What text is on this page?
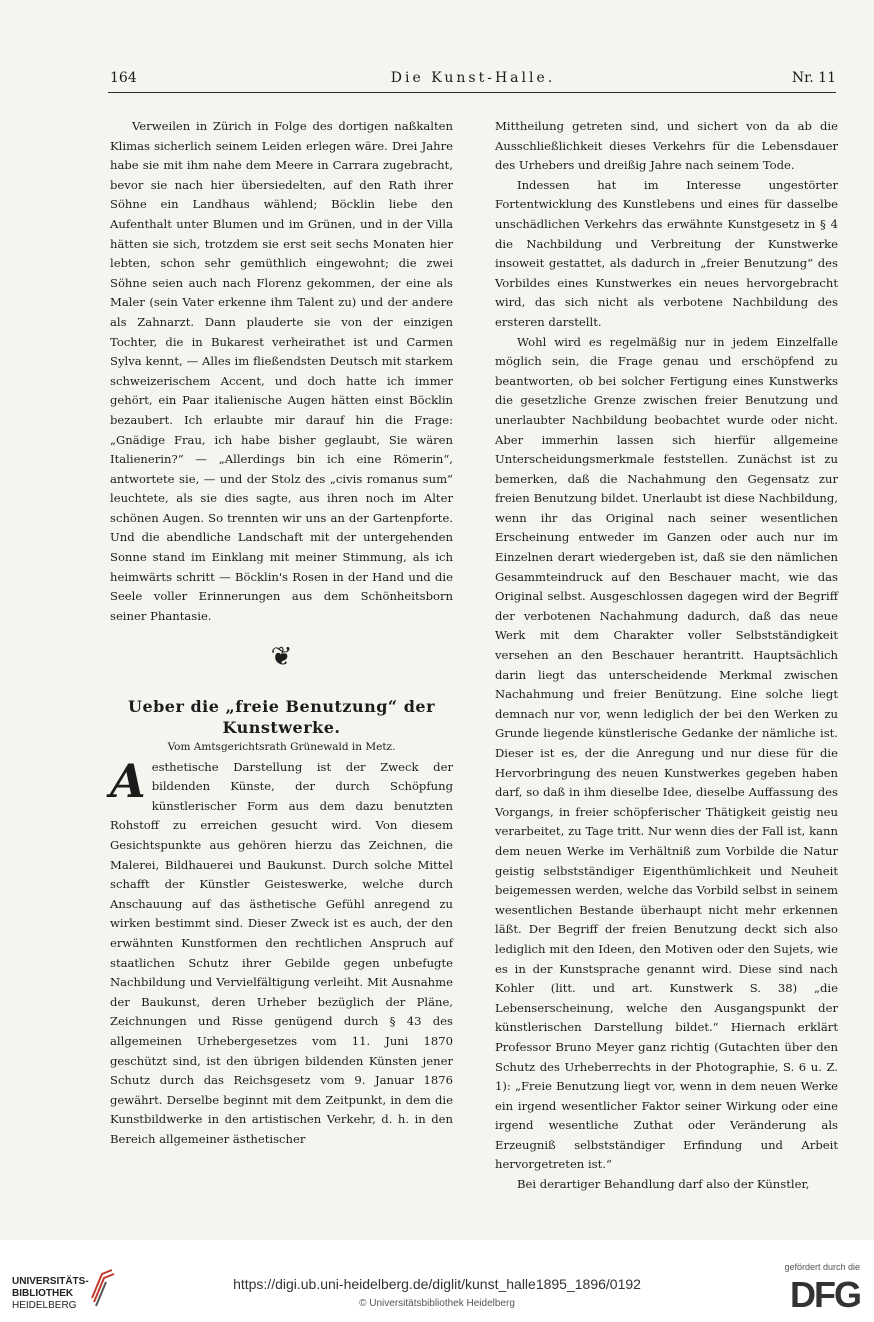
164	Die Kunst-Halle.	Nr. 11

Verweilen in Zürich in Folge des dortigen naßkalten Klimas sicherlich seinem Leiden erlegen wäre. Drei Jahre habe sie mit ihm nahe dem Meere in Carrara zugebracht, bevor sie nach hier übersiedelten, auf den Rath ihrer Söhne ein Landhaus wählend; Böcklin liebe den Aufenthalt unter Blumen und im Grünen, und in der Villa hätten sie sich, trotzdem sie erst seit sechs Monaten hier lebten, schon sehr gemüthlich eingewohnt; die zwei Söhne seien auch nach Florenz gekommen, der eine als Maler (sein Vater erkenne ihm Talent zu) und der andere als Zahnarzt. Dann plauderte sie von der einzigen Tochter, die in Bukarest verheirathet ist und Carmen Sylva kennt, — Alles im fließendsten Deutsch mit starkem schweizerischem Accent, und doch hatte ich immer gehört, ein Paar italienische Augen hätten einst Böcklin bezaubert. Ich erlaubte mir darauf hin die Frage: „Gnädige Frau, ich habe bisher geglaubt, Sie wären Italienerin?“ — „Allerdings bin ich eine Römerin“, antwortete sie, — und der Stolz des „civis romanus sum“ leuchtete, als sie dies sagte, aus ihren noch im Alter schönen Augen. So trennten wir uns an der Gartenpforte. Und die abendliche Landschaft mit der untergehenden Sonne stand im Einklang mit meiner Stimmung, als ich heimwärts schritt — Böcklin's Rosen in der Hand und die Seele voller Erinnerungen aus dem Schönheitsborn seiner Phantasie.

❦

Ueber die „freie Benutzung“ der
Kunstwerke.

Vom Amtsgerichtsrath Grünewald in Metz.

Aesthetische Darstellung ist der Zweck der bildenden Künste, der durch Schöpfung künstlerischer Form aus dem dazu benutzten Rohstoff zu erreichen gesucht wird. Von diesem Gesichtspunkte aus gehören hierzu das Zeichnen, die Malerei, Bildhauerei und Baukunst. Durch solche Mittel schafft der Künstler Geisteswerke, welche durch Anschauung auf das ästhetische Gefühl anregend zu wirken bestimmt sind. Dieser Zweck ist es auch, der den erwähnten Kunstformen den rechtlichen Anspruch auf staatlichen Schutz ihrer Gebilde gegen unbefugte Nachbildung und Vervielfältigung verleiht. Mit Ausnahme der Baukunst, deren Urheber bezüglich der Pläne, Zeichnungen und Risse genügend durch § 43 des allgemeinen Urhebergesetzes vom 11. Juni 1870 geschützt sind, ist den übrigen bildenden Künsten jener Schutz durch das Reichsgesetz vom 9. Januar 1876 gewährt. Derselbe beginnt mit dem Zeitpunkt, in dem die Kunstbildwerke in den artistischen Verkehr, d. h. in den Bereich allgemeiner ästhetischer

Mittheilung getreten sind, und sichert von da ab die Ausschließlichkeit dieses Verkehrs für die Lebensdauer des Urhebers und dreißig Jahre nach seinem Tode.

Indessen hat im Interesse ungestörter Fortentwicklung des Kunstlebens und eines für dasselbe unschädlichen Verkehrs das erwähnte Kunstgesetz in § 4 die Nachbildung und Verbreitung der Kunstwerke insoweit gestattet, als dadurch in „freier Benutzung“ des Vorbildes eines Kunstwerkes ein neues hervorgebracht wird, das sich nicht als verbotene Nachbildung des ersteren darstellt.

Wohl wird es regelmäßig nur in jedem Einzelfalle möglich sein, die Frage genau und erschöpfend zu beantworten, ob bei solcher Fertigung eines Kunstwerks die gesetzliche Grenze zwischen freier Benutzung und unerlaubter Nachbildung beobachtet wurde oder nicht. Aber immerhin lassen sich hierfür allgemeine Unterscheidungsmerkmale feststellen. Zunächst ist zu bemerken, daß die Nachahmung den Gegensatz zur freien Benutzung bildet. Unerlaubt ist diese Nachbildung, wenn ihr das Original nach seiner wesentlichen Erscheinung entweder im Ganzen oder auch nur im Einzelnen derart wiedergeben ist, daß sie den nämlichen Gesammteindruck auf den Beschauer macht, wie das Original selbst. Ausgeschlossen dagegen wird der Begriff der verbotenen Nachahmung dadurch, daß das neue Werk mit dem Charakter voller Selbstständigkeit versehen an den Beschauer herantritt. Hauptsächlich darin liegt das unterscheidende Merkmal zwischen Nachahmung und freier Benützung. Eine solche liegt demnach nur vor, wenn lediglich der bei den Werken zu Grunde liegende künstlerische Gedanke der nämliche ist. Dieser ist es, der die Anregung und nur diese für die Hervorbringung des neuen Kunstwerkes gegeben haben darf, so daß in ihm dieselbe Idee, dieselbe Auffassung des Vorgangs, in freier schöpferischer Thätigkeit geistig neu verarbeitet, zu Tage tritt. Nur wenn dies der Fall ist, kann dem neuen Werke im Verhältniß zum Vorbilde die Natur geistig selbstständiger Eigenthümlichkeit und Neuheit beigemessen werden, welche das Vorbild selbst in seinem wesentlichen Bestande überhaupt nicht mehr erkennen läßt. Der Begriff der freien Benutzung deckt sich also lediglich mit den Ideen, den Motiven oder den Sujets, wie es in der Kunstsprache genannt wird. Diese sind nach Kohler (litt. und art. Kunstwerk S. 38) „die Lebenserscheinung, welche den Ausgangspunkt der künstlerischen Darstellung bildet.“ Hiernach erklärt Professor Bruno Meyer ganz richtig (Gutachten über den Schutz des Urheberrechts in der Photographie, S. 6 u. Z. 1): „Freie Benutzung liegt vor, wenn in dem neuen Werke ein irgend wesentlicher Faktor seiner Wirkung oder eine irgend wesentliche Zuthat oder Veränderung als Erzeugniß selbstständiger Erfindung und Arbeit hervorgetreten ist.“

Bei derartiger Behandlung darf also der Künstler,

UNIVERSITÄTS-
BIBLIOTHEK
HEIDELBERG
https://digi.ub.uni-heidelberg.de/diglit/kunst_halle1895_1896/0192
© Universitätsbibliothek Heidelberg
gefördert durch die
DFG
